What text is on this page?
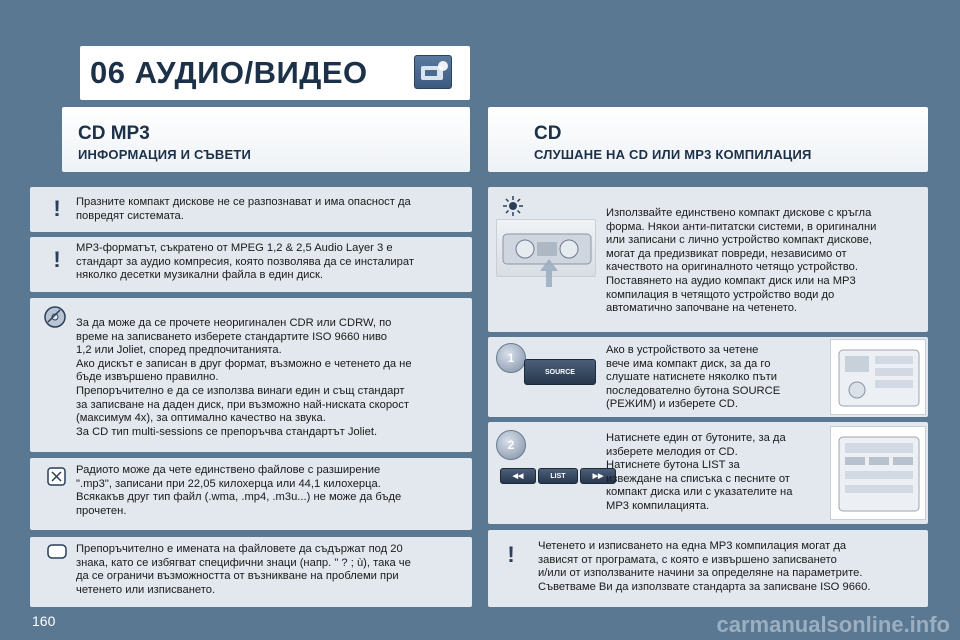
06 АУДИО/ВИДЕО
CD MP3
ИНФОРМАЦИЯ И СЪВЕТИ
CD
СЛУШАНЕ НА CD ИЛИ MP3 КОМПИЛАЦИЯ
!	Празните компакт дискове не се разпознават и има опасност да
повредят системата.
!	MP3-форматът, съкратено от MPEG 1,2 & 2,5 Audio Layer 3 е
стандарт за аудио компресия, която позволява да се инсталират
някoлко десетки музикални файла в един диск.
За да може да се прочете неоригинален CDR или CDRW, по
време на записването изберете стандартите ISO 9660 ниво
1,2 или Joliet, според предпочитанията.
Ако дискът е записан в друг формат, възможно е четенето да не
бъде извършено правилно.
Препоръчително е да се използва винаги един и същ стандарт
за записване на даден диск, при възможно най-ниската скорост
(максимум 4x), за оптимално качество на звука.
За CD тип multi-sessions се препоръчва стандартът Joliet.
Радиото може да чете единствено файлове с разширение
".mp3", записани при 22,05 килохерца или 44,1 килохерца.
Всякакъв друг тип файл (.wma, .mp4, .m3u...) не може да бъде
прочетен.
Препоръчително е имената на файловете да съдържат под 20
знака, като се избягват специфични знаци (напр. " ? ; ù), така че
да се ограничи възможността от възникване на проблеми при
четенето или изписването.
Използвайте единствено компакт дискове с кръгла
форма. Някои анти-питатски системи, в оригинални
или записани с лично устройство компакт дискове,
могат да предизвикат повреди, независимо от
качеството на оригиналното четящо устройство.
Поставянето на аудио компакт диск или на MP3
компилация в четящото устройство води до
автоматично започване на четенето.
1
SOURCE
Ако в устройството за четене
вече има компакт диск, за да го
слушате натиснете няколко пъти
последователно бутона SOURCE
(РЕЖИМ) и изберете CD.
2
◀◀	LIST	▶▶
Натиснете един от бутоните, за да
изберете мелодия от CD.
Натиснете бутона LIST за
извеждане на списъка с песните от
компакт диска или с указателите на
MP3 компилацията.
!	Четенето и изписването на една MP3 компилация могат да
зависят от програмата, с която е извършено записването
и/или от използваните начини за определяне на параметрите.
Съветваме Ви да използвате стандарта за записване ISO 9660.
160	carmanualsonline.info
